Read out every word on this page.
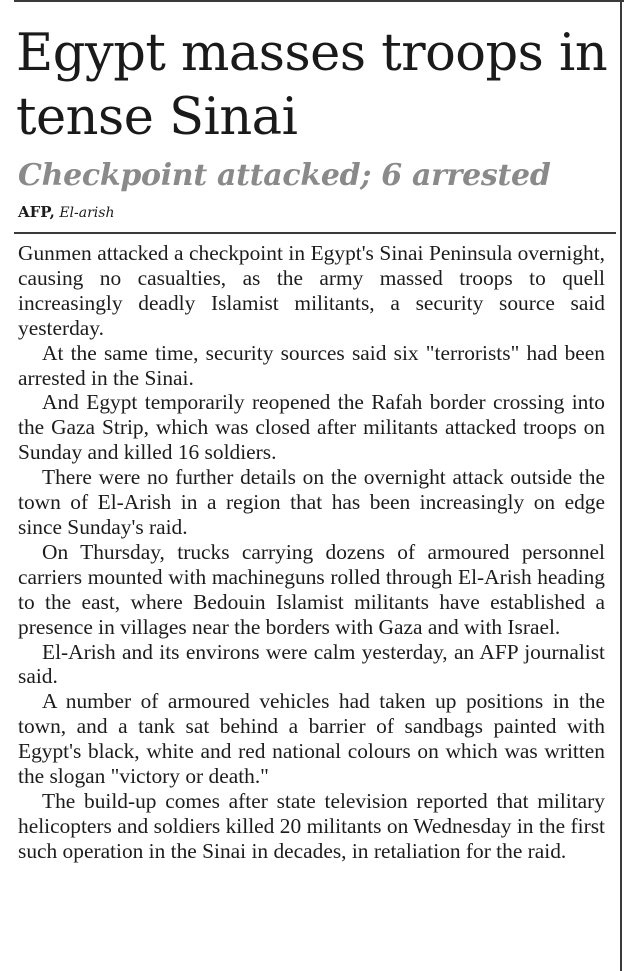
Egypt masses troops in tense Sinai
Checkpoint attacked; 6 arrested
AFP, El-arish

Gunmen attacked a checkpoint in Egypt's Sinai Peninsula overnight, causing no casualties, as the army massed troops to quell increasingly deadly Islamist militants, a security source said yesterday.

At the same time, security sources said six "terrorists" had been arrested in the Sinai.

And Egypt temporarily reopened the Rafah border crossing into the Gaza Strip, which was closed after militants attacked troops on Sunday and killed 16 soldiers.

There were no further details on the overnight attack outside the town of El-Arish in a region that has been increasingly on edge since Sunday's raid.

On Thursday, trucks carrying dozens of armoured personnel carriers mounted with machineguns rolled through El-Arish heading to the east, where Bedouin Islamist militants have established a presence in villages near the borders with Gaza and with Israel.

El-Arish and its environs were calm yesterday, an AFP journalist said.

A number of armoured vehicles had taken up positions in the town, and a tank sat behind a barrier of sandbags painted with Egypt's black, white and red national colours on which was written the slogan "victory or death."

The build-up comes after state television reported that military helicopters and soldiers killed 20 militants on Wednesday in the first such operation in the Sinai in decades, in retaliation for the raid.
